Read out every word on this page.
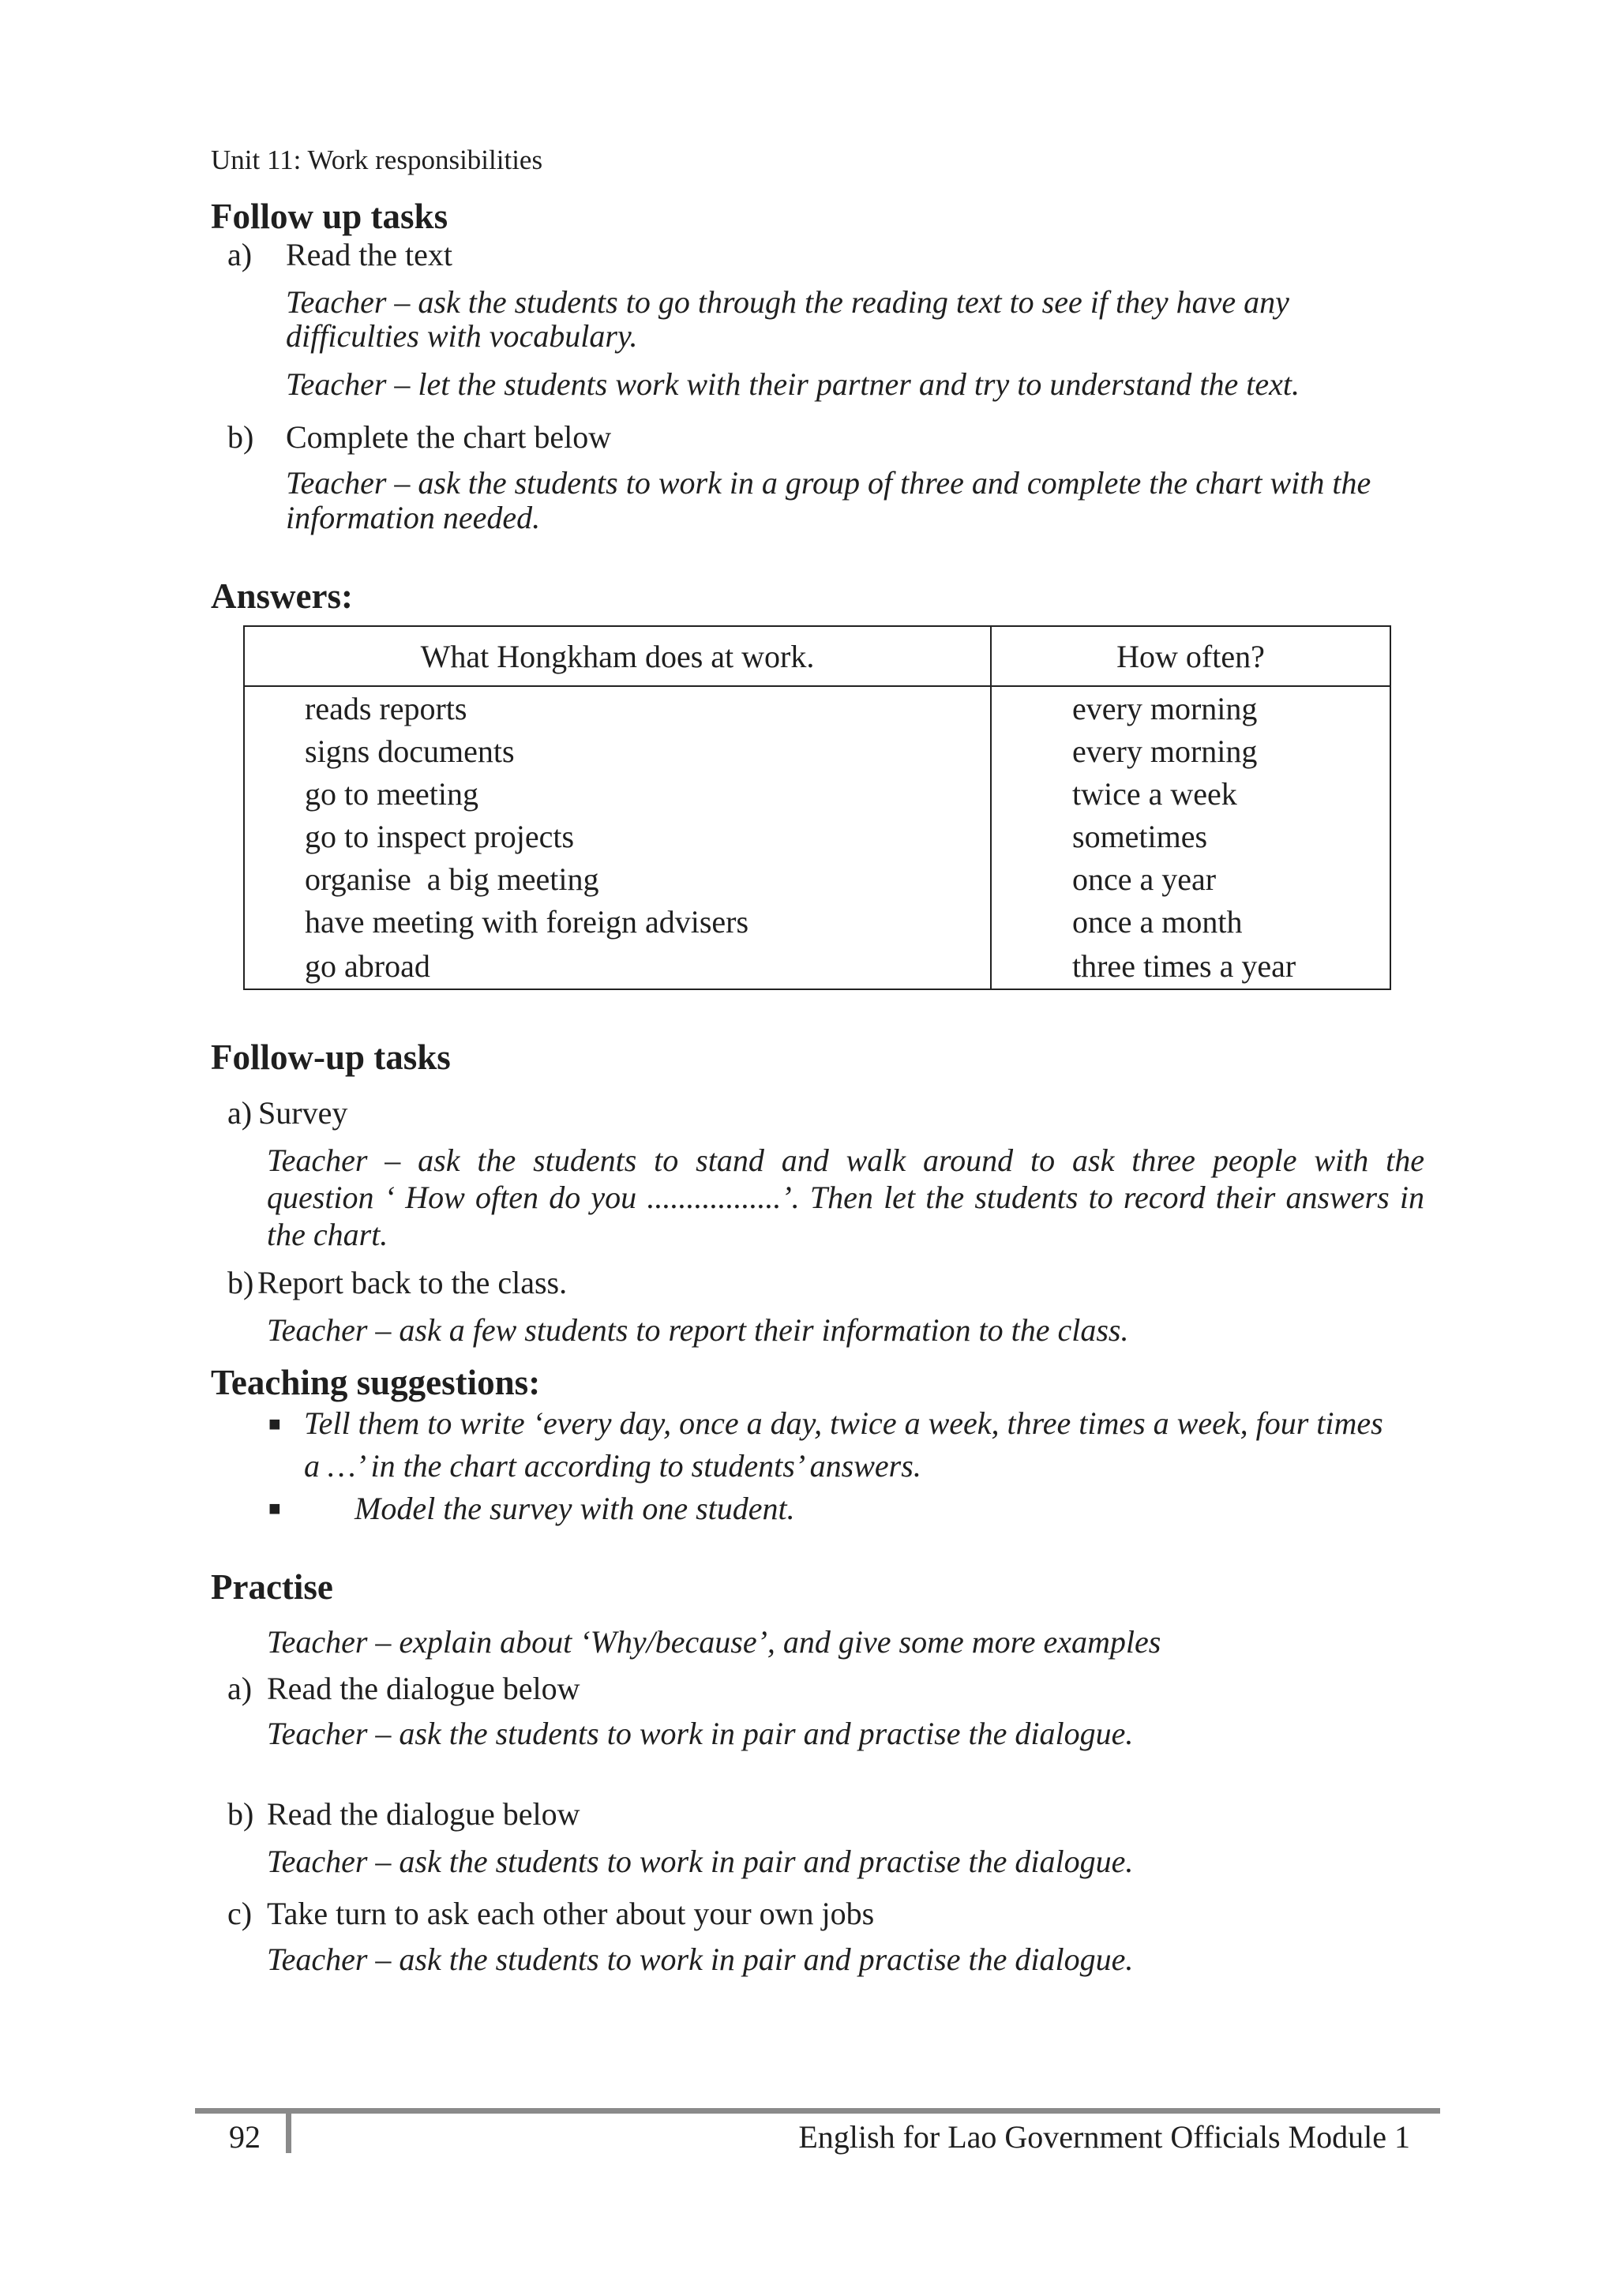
Unit 11: Work responsibilities
Follow up tasks
a) Read the text
Teacher – ask the students to go through the reading text to see if they have any
difficulties with vocabulary.
Teacher – let the students work with their partner and try to understand the text.
b) Complete the chart below
Teacher – ask the students to work in a group of three and complete the chart with the
information needed.
Answers:
What Hongkham does at work.	How often?
reads reports	every morning
signs documents	every morning
go to meeting	twice a week
go to inspect projects	sometimes
organise  a big meeting	once a year
have meeting with foreign advisers	once a month
go abroad	three times a year
Follow-up tasks
a) Survey
Teacher – ask the students to stand and walk around to ask three people with the
question ‘ How often do you .................’. Then let the students to record their answers in
the chart.
b) Report back to the class.
Teacher – ask a few students to report their information to the class.
Teaching suggestions:
■ Tell them to write ‘every day, once a day, twice a week, three times a week, four times
a …’ in the chart according to students’ answers.
■ Model the survey with one student.
Practise
Teacher – explain about ‘Why/because’, and give some more examples
a) Read the dialogue below
Teacher – ask the students to work in pair and practise the dialogue.
b) Read the dialogue below
Teacher – ask the students to work in pair and practise the dialogue.
c) Take turn to ask each other about your own jobs
Teacher – ask the students to work in pair and practise the dialogue.
92	English for Lao Government Officials Module 1
